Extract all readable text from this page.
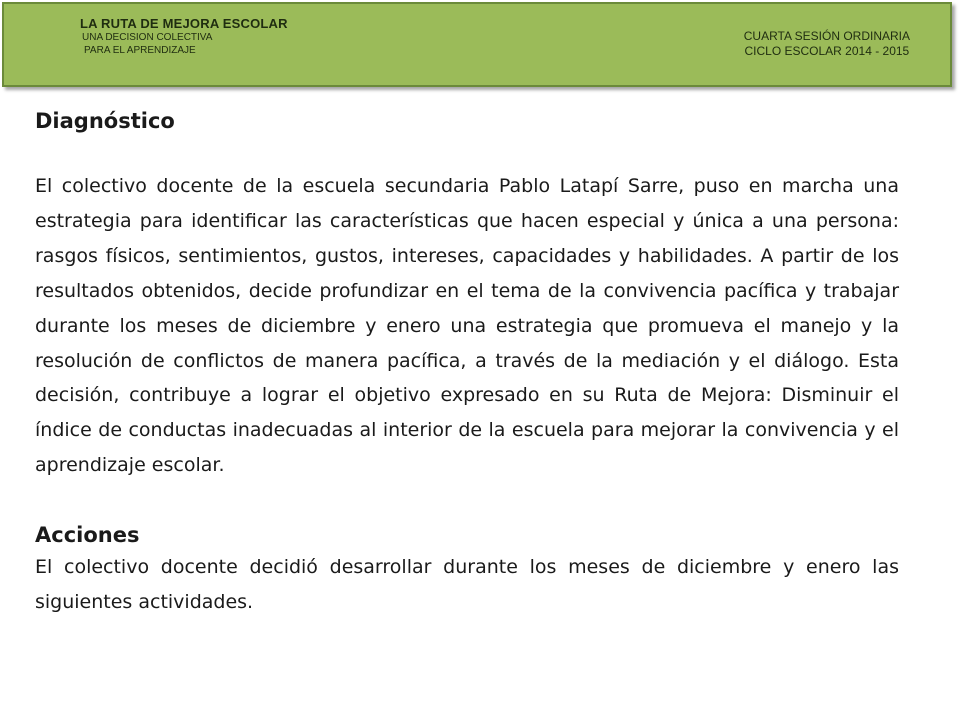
LA RUTA DE MEJORA ESCOLAR
UNA DECISION COLECTIVA
PARA EL APRENDIZAJE
CUARTA SESIÓN ORDINARIA
CICLO ESCOLAR 2014 - 2015
Diagnóstico

El colectivo docente de la escuela secundaria Pablo Latapí Sarre, puso en marcha una estrategia para identificar las características que hacen especial y única a una persona: rasgos físicos, sentimientos, gustos, intereses, capacidades y habilidades. A partir de los resultados obtenidos, decide profundizar en el tema de la convivencia pacífica y trabajar durante los meses de diciembre y enero una estrategia que promueva el manejo y la resolución de conflictos de manera pacífica, a través de la mediación y el diálogo. Esta decisión, contribuye a lograr el objetivo expresado en su Ruta de Mejora: Disminuir el índice de conductas inadecuadas al interior de la escuela para mejorar la convivencia y el aprendizaje escolar.

Acciones

El colectivo docente decidió desarrollar durante los meses de diciembre y enero las siguientes actividades.
